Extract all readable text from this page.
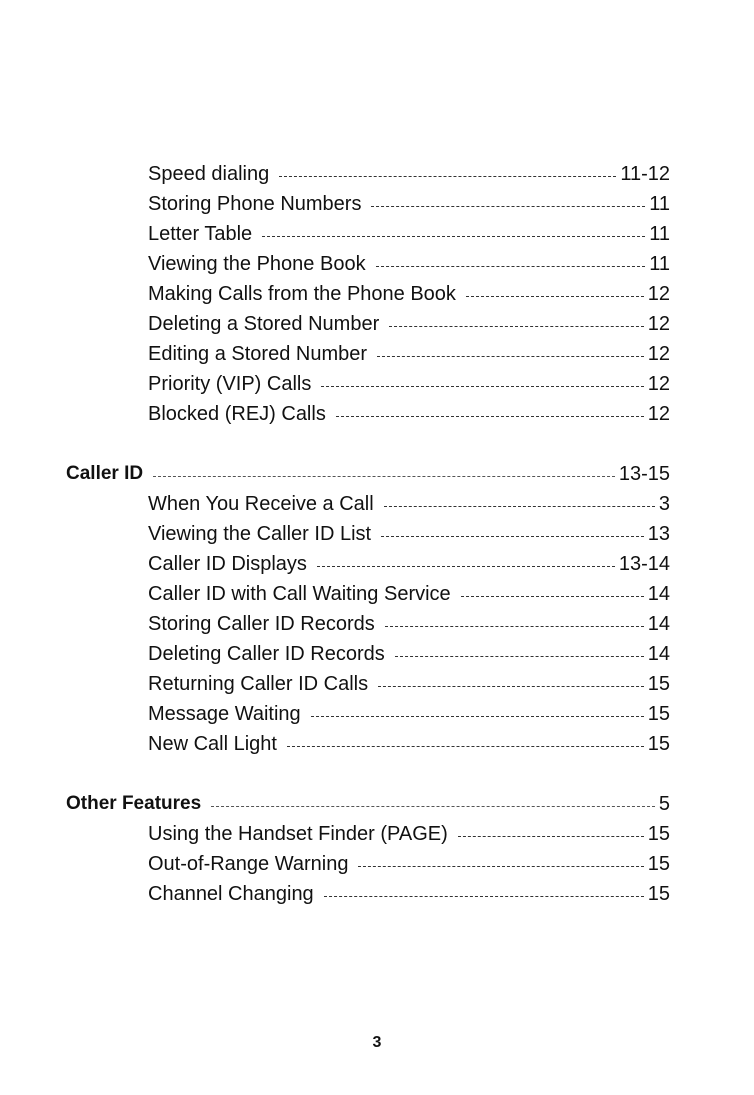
Speed dialing	11-12
Storing Phone Numbers	11
Letter Table	11
Viewing the Phone Book	11
Making Calls from the Phone Book	12
Deleting a Stored Number	12
Editing a Stored Number	12
Priority (VIP) Calls	12
Blocked (REJ) Calls	12
Caller ID	13-15
When You Receive a Call	3
Viewing the Caller ID List	13
Caller ID Displays	13-14
Caller ID with Call Waiting Service	14
Storing Caller ID Records	14
Deleting Caller ID Records	14
Returning Caller ID Calls	15
Message Waiting	15
New Call Light	15
Other Features	5
Using the Handset Finder (PAGE)	15
Out-of-Range Warning	15
Channel Changing	15
3
